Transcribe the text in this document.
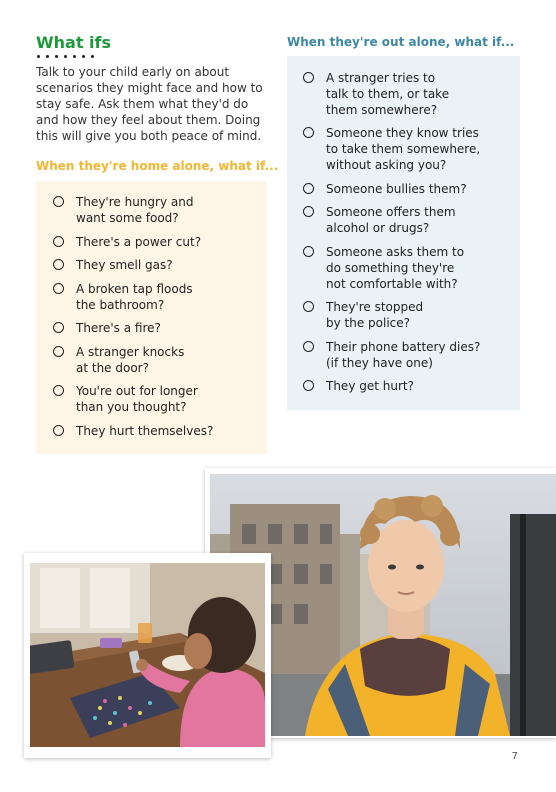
What ifs

Talk to your child early on about scenarios they might face and how to stay safe. Ask them what they'd do and how they feel about them. Doing this will give you both peace of mind.

When they're home alone, what if...
They're hungry and
want some food?
There's a power cut?
They smell gas?
A broken tap floods
the bathroom?
There's a fire?
A stranger knocks
at the door?
You're out for longer
than you thought?
They hurt themselves?
When they're out alone, what if...
A stranger tries to
talk to them, or take
them somewhere?
Someone they know tries
to take them somewhere,
without asking you?
Someone bullies them?
Someone offers them
alcohol or drugs?
Someone asks them to
do something they're
not comfortable with?
They're stopped
by the police?
Their phone battery dies?
(if they have one)
They get hurt?
7
